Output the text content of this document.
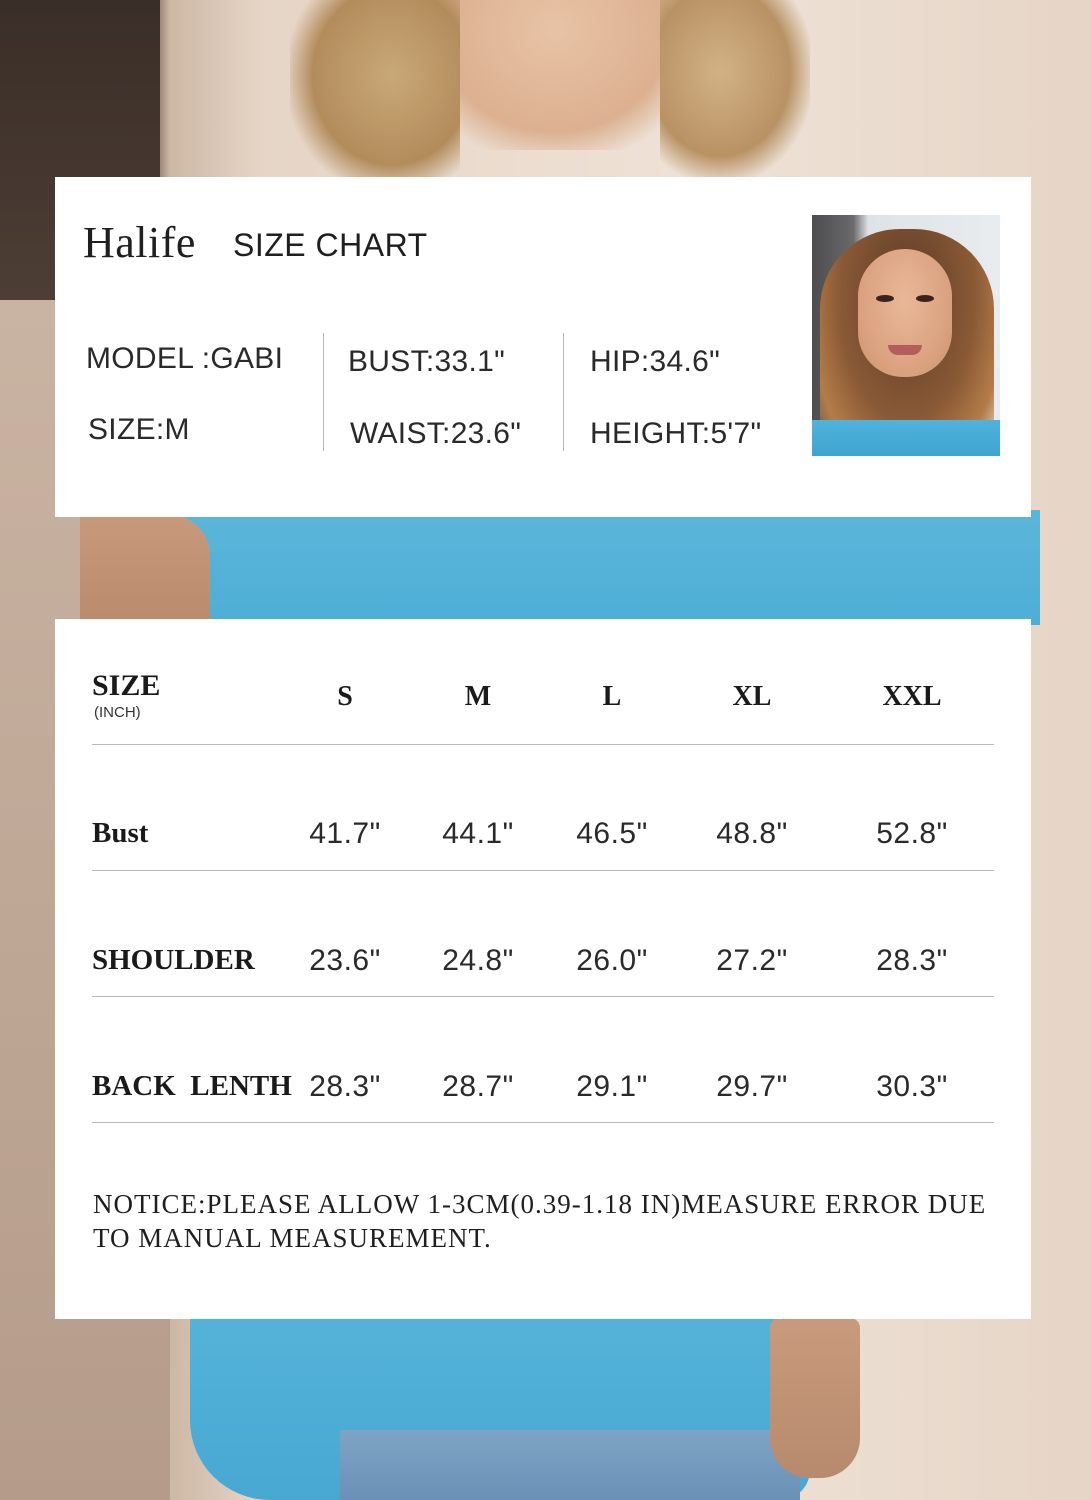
Halife SIZE CHART
MODEL :GABI
SIZE:M
BUST:33.1"
WAIST:23.6"
HIP:34.6"
HEIGHT:5'7"
SIZE
(INCH)
S	M	L	XL	XXL
Bust	41.7"	44.1"	46.5"	48.8"	52.8"
SHOULDER	23.6"	24.8"	26.0"	27.2"	28.3"
BACK  LENTH 28.3"	28.7"	29.1"	29.7"	30.3"
NOTICE:PLEASE ALLOW 1-3CM(0.39-1.18 IN)MEASURE ERROR DUE TO MANUAL MEASUREMENT.
